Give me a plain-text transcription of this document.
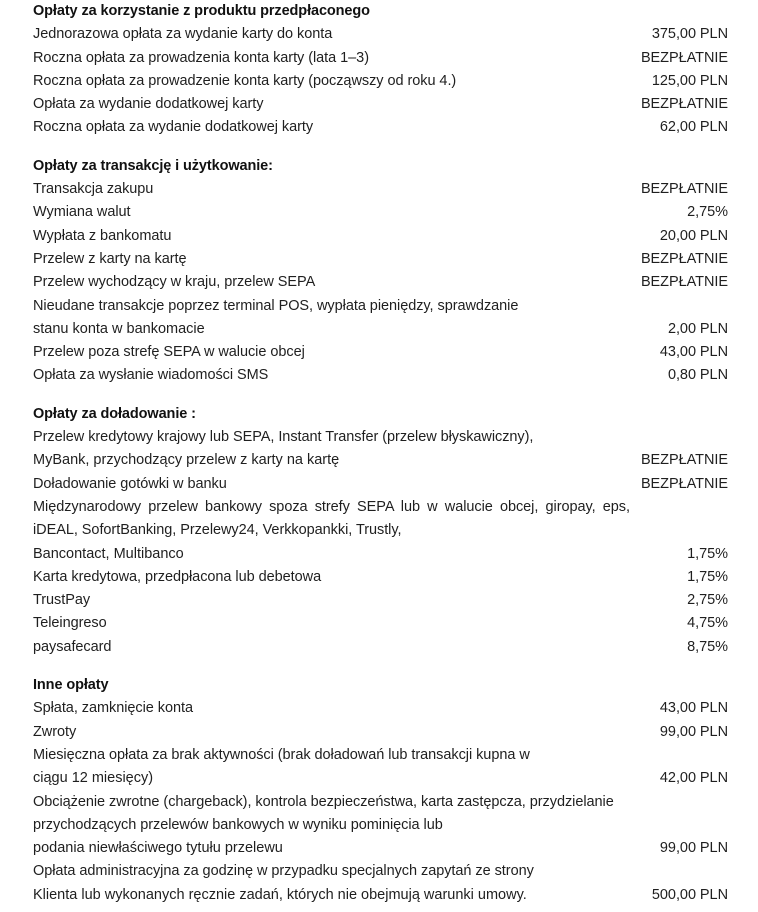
Opłaty za korzystanie z produktu przedpłaconego
Jednorazowa opłata za wydanie karty do konta	375,00 PLN
Roczna opłata za prowadzenia konta karty (lata 1–3)	BEZPŁATNIE
Roczna opłata za prowadzenie konta karty (począwszy od roku 4.)	125,00 PLN
Opłata za wydanie dodatkowej karty	BEZPŁATNIE
Roczna opłata za wydanie dodatkowej karty	62,00 PLN
Opłaty za transakcję i użytkowanie:
Transakcja zakupu	BEZPŁATNIE
Wymiana walut	2,75%
Wypłata z bankomatu	20,00 PLN
Przelew z karty na kartę	BEZPŁATNIE
Przelew wychodzący w kraju, przelew SEPA	BEZPŁATNIE
Nieudane transakcje poprzez terminal POS, wypłata pieniędzy, sprawdzanie
stanu konta w bankomacie	2,00 PLN
Przelew poza strefę SEPA w walucie obcej	43,00 PLN
Opłata za wysłanie wiadomości SMS	0,80 PLN
Opłaty za doładowanie :
Przelew kredytowy krajowy lub SEPA, Instant Transfer (przelew błyskawiczny),
MyBank, przychodzący przelew z karty na kartę	BEZPŁATNIE
Doładowanie gotówki w banku	BEZPŁATNIE
Międzynarodowy przelew bankowy spoza strefy SEPA lub w walucie obcej, giropay, eps, iDEAL, SofortBanking, Przelewy24, Verkkopankki, Trustly,
Bancontact, Multibanco	1,75%
Karta kredytowa, przedpłacona lub debetowa	1,75%
TrustPay	2,75%
Teleingreso	4,75%
paysafecard	8,75%
Inne opłaty
Spłata, zamknięcie konta	43,00 PLN
Zwroty	99,00 PLN
Miesięczna opłata za brak aktywności (brak doładowań lub transakcji kupna w
ciągu 12 miesięcy)	42,00 PLN
Obciążenie zwrotne (chargeback), kontrola bezpieczeństwa, karta zastępcza, przydzielanie przychodzących przelewów bankowych w wyniku pominięcia lub
podania niewłaściwego tytułu przelewu	99,00 PLN
Opłata administracyjna za godzinę w przypadku specjalnych zapytań ze strony
Klienta lub wykonanych ręcznie zadań, których nie obejmują warunki umowy.	500,00 PLN
